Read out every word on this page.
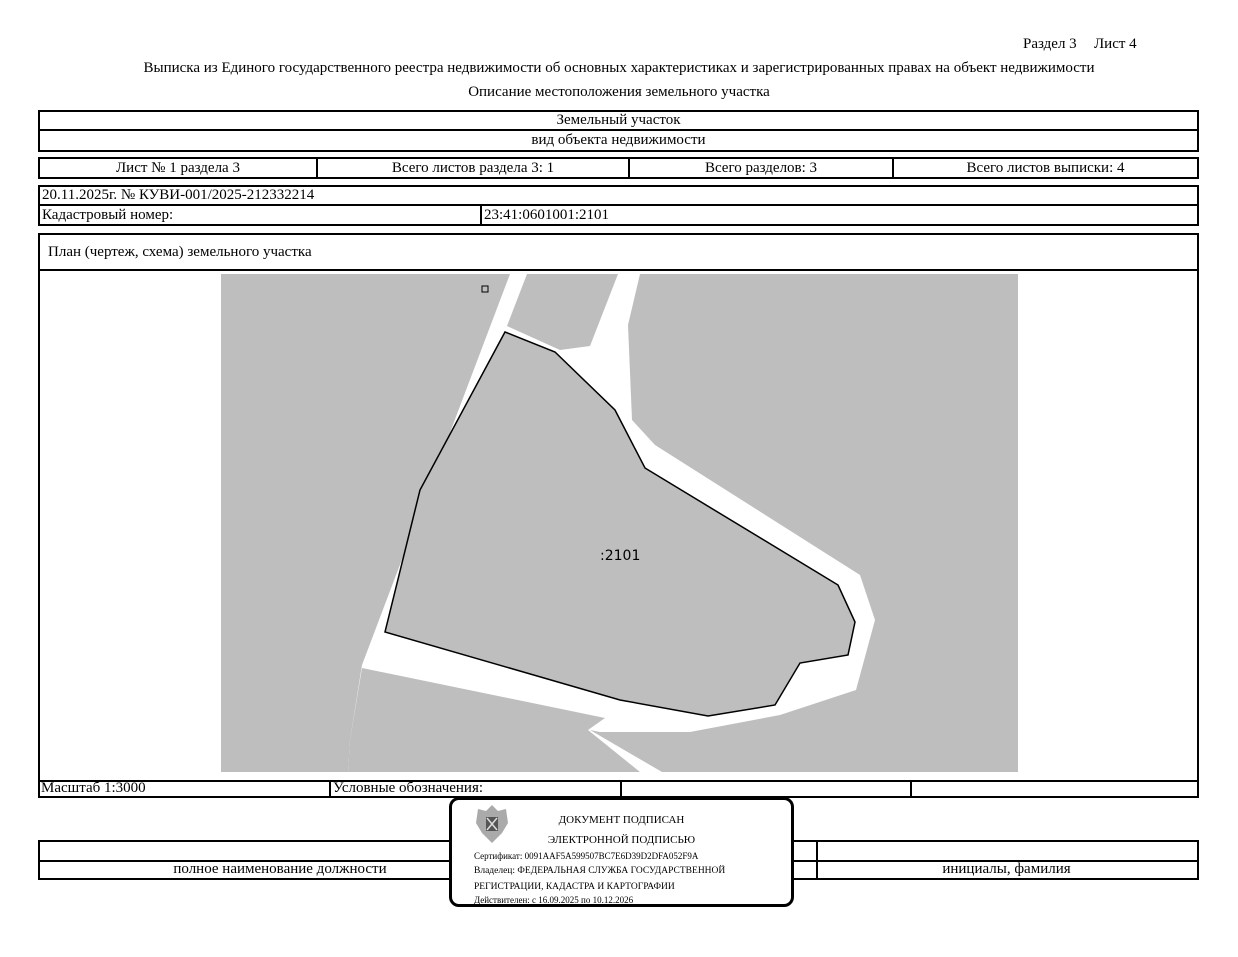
Раздел 3 Лист 4
Выписка из Единого государственного реестра недвижимости об основных характеристиках и зарегистрированных правах на объект недвижимости
Описание местоположения земельного участка
Земельный участок
вид объекта недвижимости
Лист № 1 раздела 3	Всего листов раздела 3: 1	Всего разделов: 3	Всего листов выписки: 4
20.11.2025г. № КУВИ-001/2025-212332214
Кадастровый номер:	23:41:0601001:2101
План (чертеж, схема) земельного участка
Масштаб 1:3000	Условные обозначения:
:2101
полное наименование должности	инициалы, фамилия
ДОКУМЕНТ ПОДПИСАН
ЭЛЕКТРОННОЙ ПОДПИСЬЮ
Сертификат: 0091AAF5A599507BC7E6D39D2DFA052F9A
Владелец: ФЕДЕРАЛЬНАЯ СЛУЖБА ГОСУДАРСТВЕННОЙ
РЕГИСТРАЦИИ, КАДАСТРА И КАРТОГРАФИИ
Действителен: с 16.09.2025 по 10.12.2026
